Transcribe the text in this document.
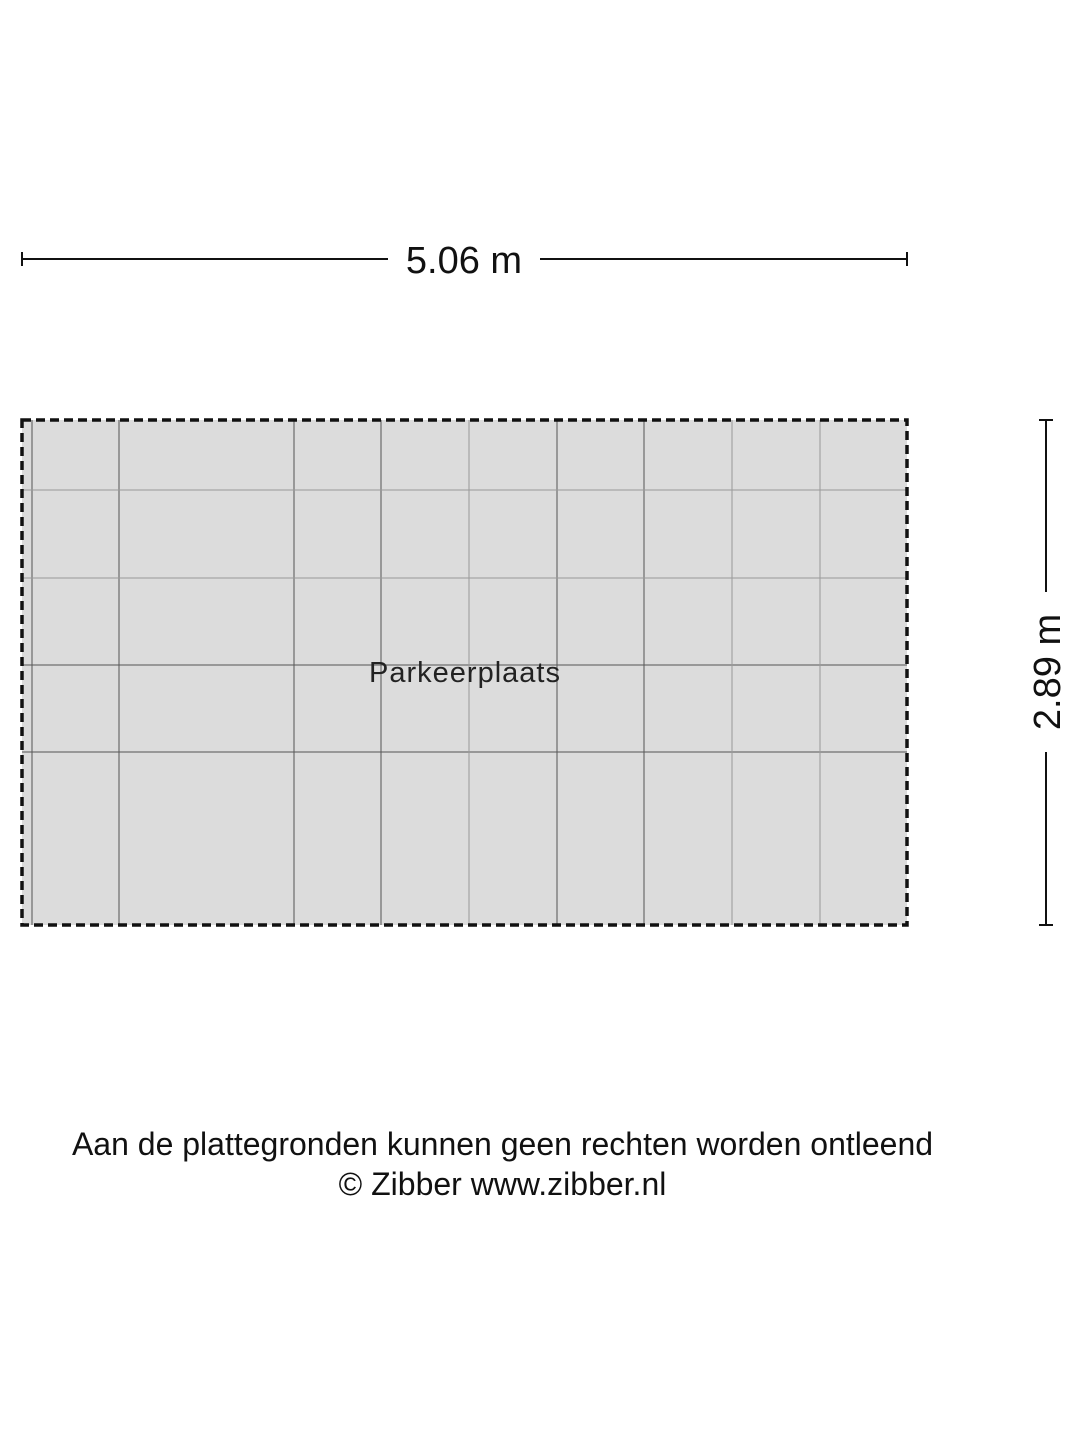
5.06 m
Parkeerplaats	2.89 m
Aan de plattegronden kunnen geen rechten worden ontleend
© Zibber www.zibber.nl
